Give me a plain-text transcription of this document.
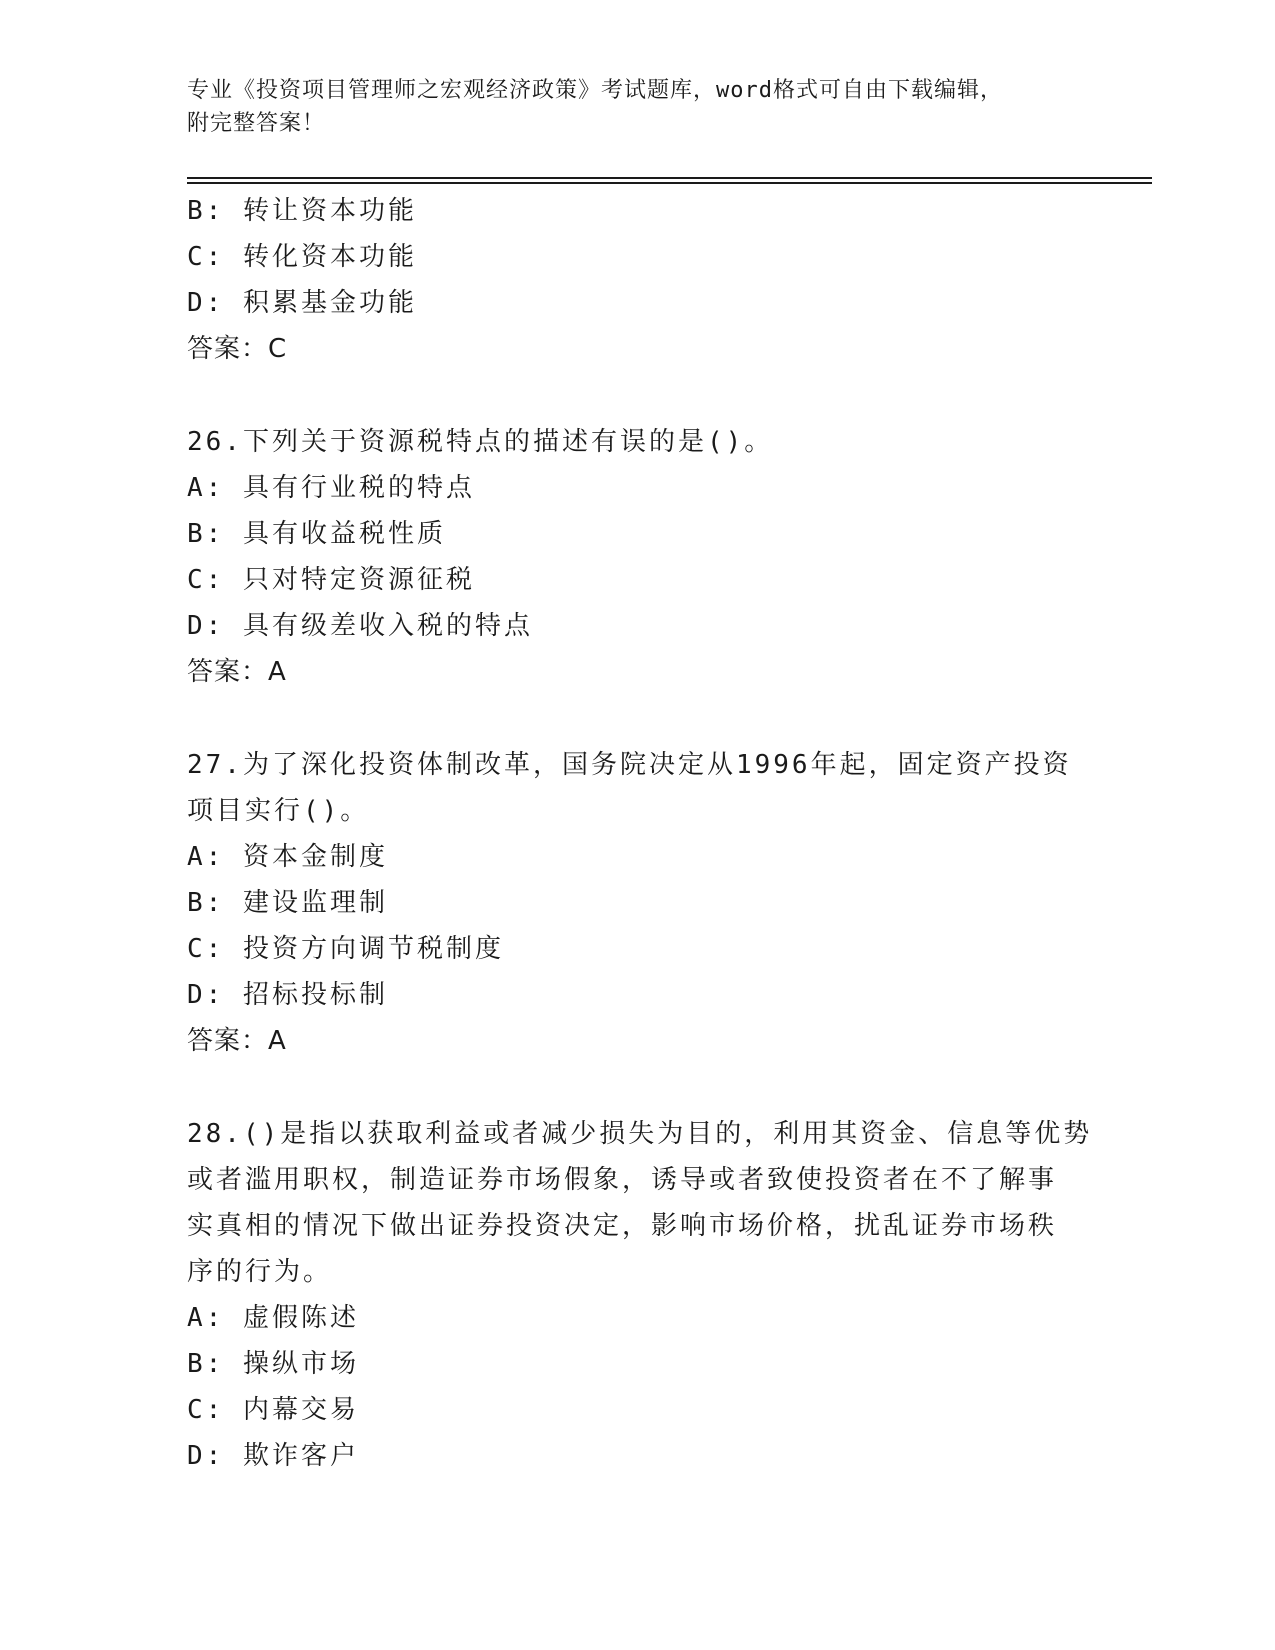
专业《投资项目管理师之宏观经济政策》考试题库，word格式可自由下载编辑，
附完整答案！
B: 转让资本功能
C: 转化资本功能
D: 积累基金功能
答案：C
26.下列关于资源税特点的描述有误的是()。
A: 具有行业税的特点
B: 具有收益税性质
C: 只对特定资源征税
D: 具有级差收入税的特点
答案：A
27.为了深化投资体制改革，国务院决定从1996年起，固定资产投资
项目实行()。
A: 资本金制度
B: 建设监理制
C: 投资方向调节税制度
D: 招标投标制
答案：A
28.()是指以获取利益或者减少损失为目的，利用其资金、信息等优势
或者滥用职权，制造证券市场假象，诱导或者致使投资者在不了解事
实真相的情况下做出证券投资决定，影响市场价格，扰乱证券市场秩
序的行为。
A: 虚假陈述
B: 操纵市场
C: 内幕交易
D: 欺诈客户
